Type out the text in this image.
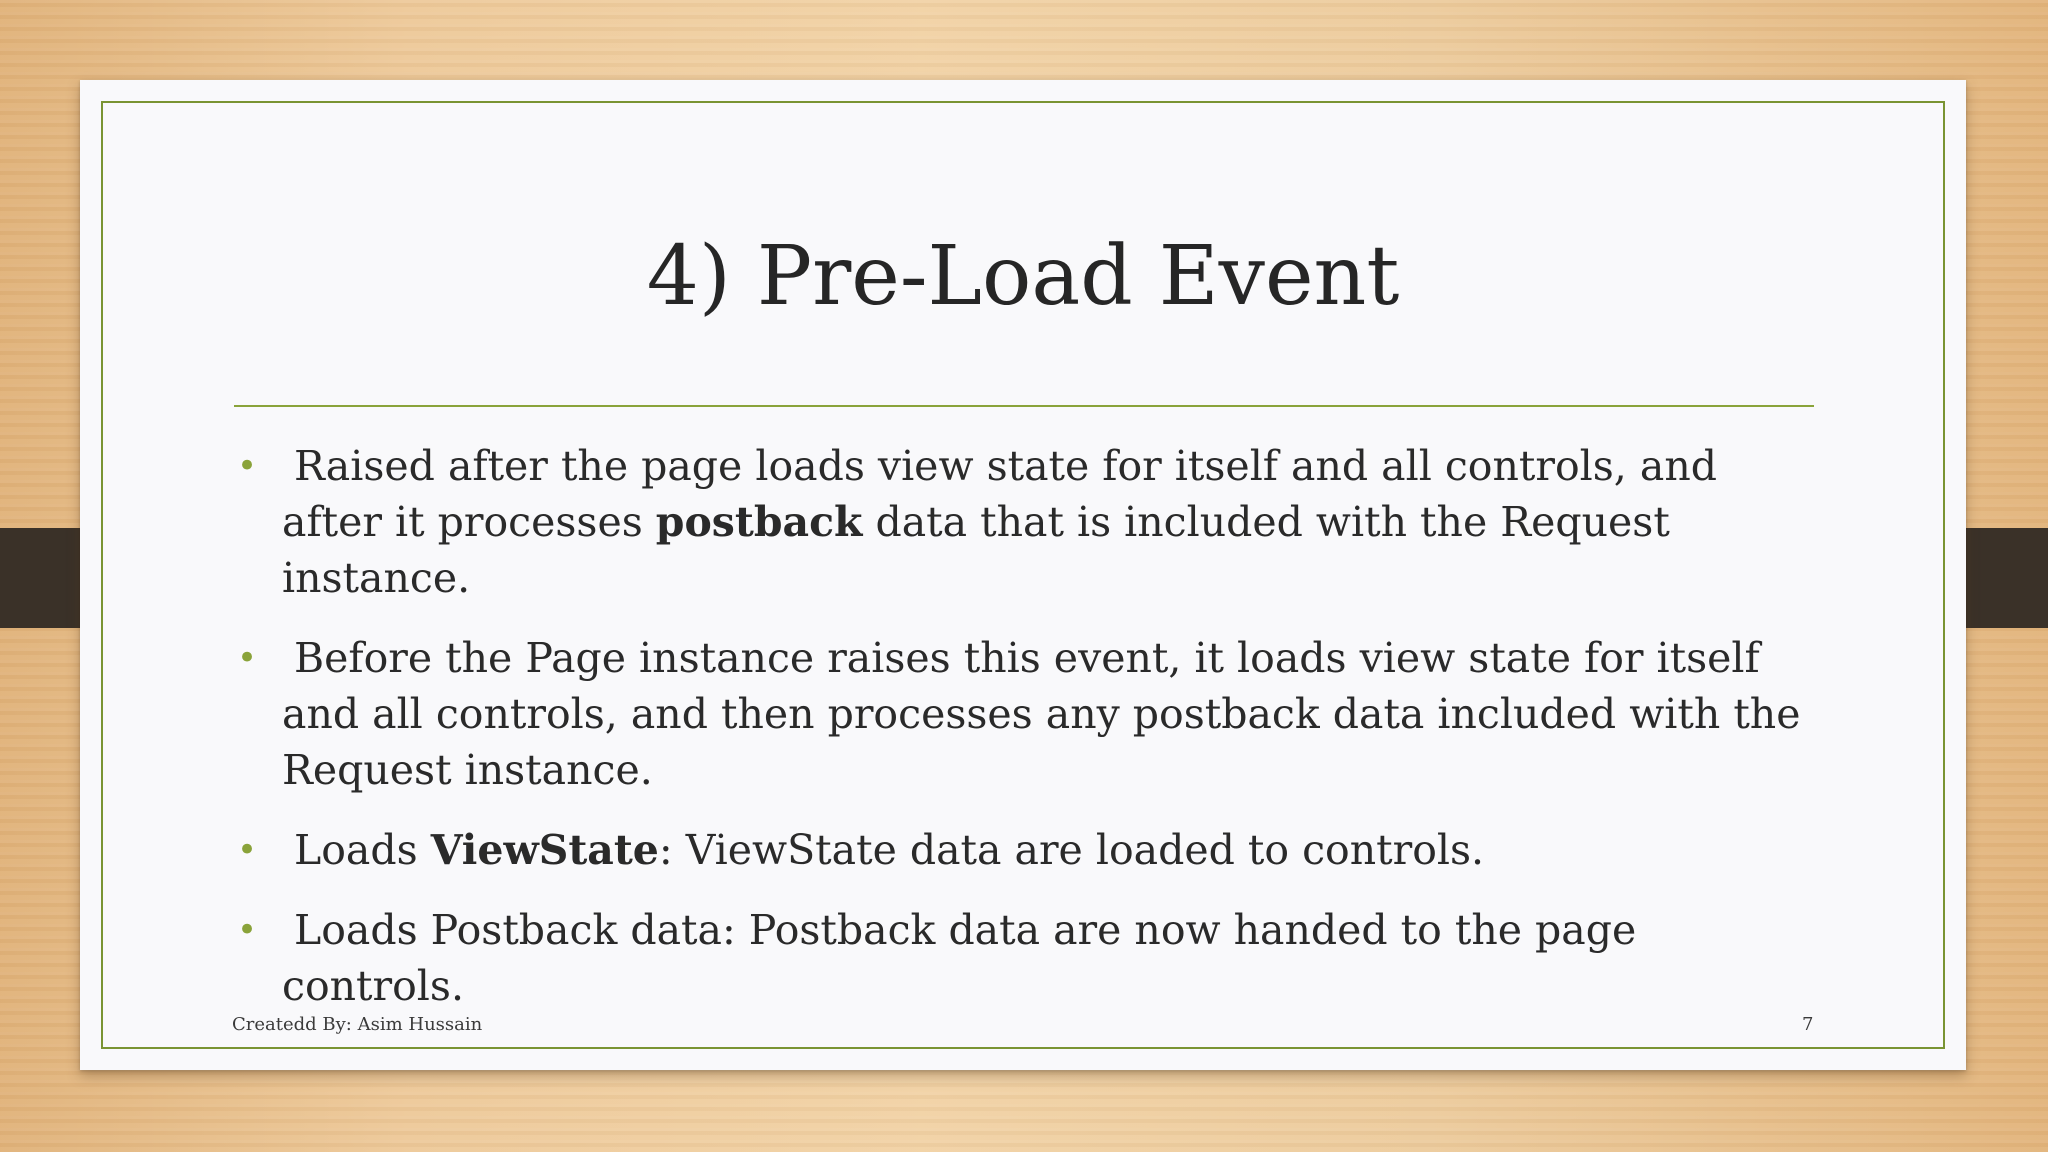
4) Pre-Load Event
• Raised after the page loads view state for itself and all controls, and after it processes postback data that is included with the Request instance.
• Before the Page instance raises this event, it loads view state for itself and all controls, and then processes any postback data included with the Request instance.
• Loads ViewState: ViewState data are loaded to controls.
• Loads Postback data: Postback data are now handed to the page controls.
Createdd By: Asim Hussain	7
